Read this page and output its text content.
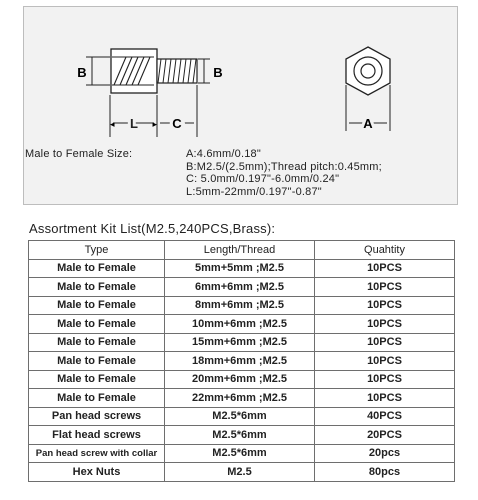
B	B
◂	▸
L	C	A
Male to Female Size:	A:4.6mm/0.18"
B:M2.5/(2.5mm);Thread pitch:0.45mm;
C: 5.0mm/0.197"-6.0mm/0.24"
L:5mm-22mm/0.197"-0.87"
Assortment Kit List(M2.5,240PCS,Brass):
Type	Length/Thread	Quahtity
Male to Female	5mm+5mm ;M2.5	10PCS
Male to Female	6mm+6mm ;M2.5	10PCS
Male to Female	8mm+6mm ;M2.5	10PCS
Male to Female	10mm+6mm ;M2.5	10PCS
Male to Female	15mm+6mm ;M2.5	10PCS
Male to Female	18mm+6mm ;M2.5	10PCS
Male to Female	20mm+6mm ;M2.5	10PCS
Male to Female	22mm+6mm ;M2.5	10PCS
Pan head screws	M2.5*6mm	40PCS
Flat head screws	M2.5*6mm	20PCS
Pan head screw with collar	M2.5*6mm	20pcs
Hex Nuts	M2.5	80pcs
